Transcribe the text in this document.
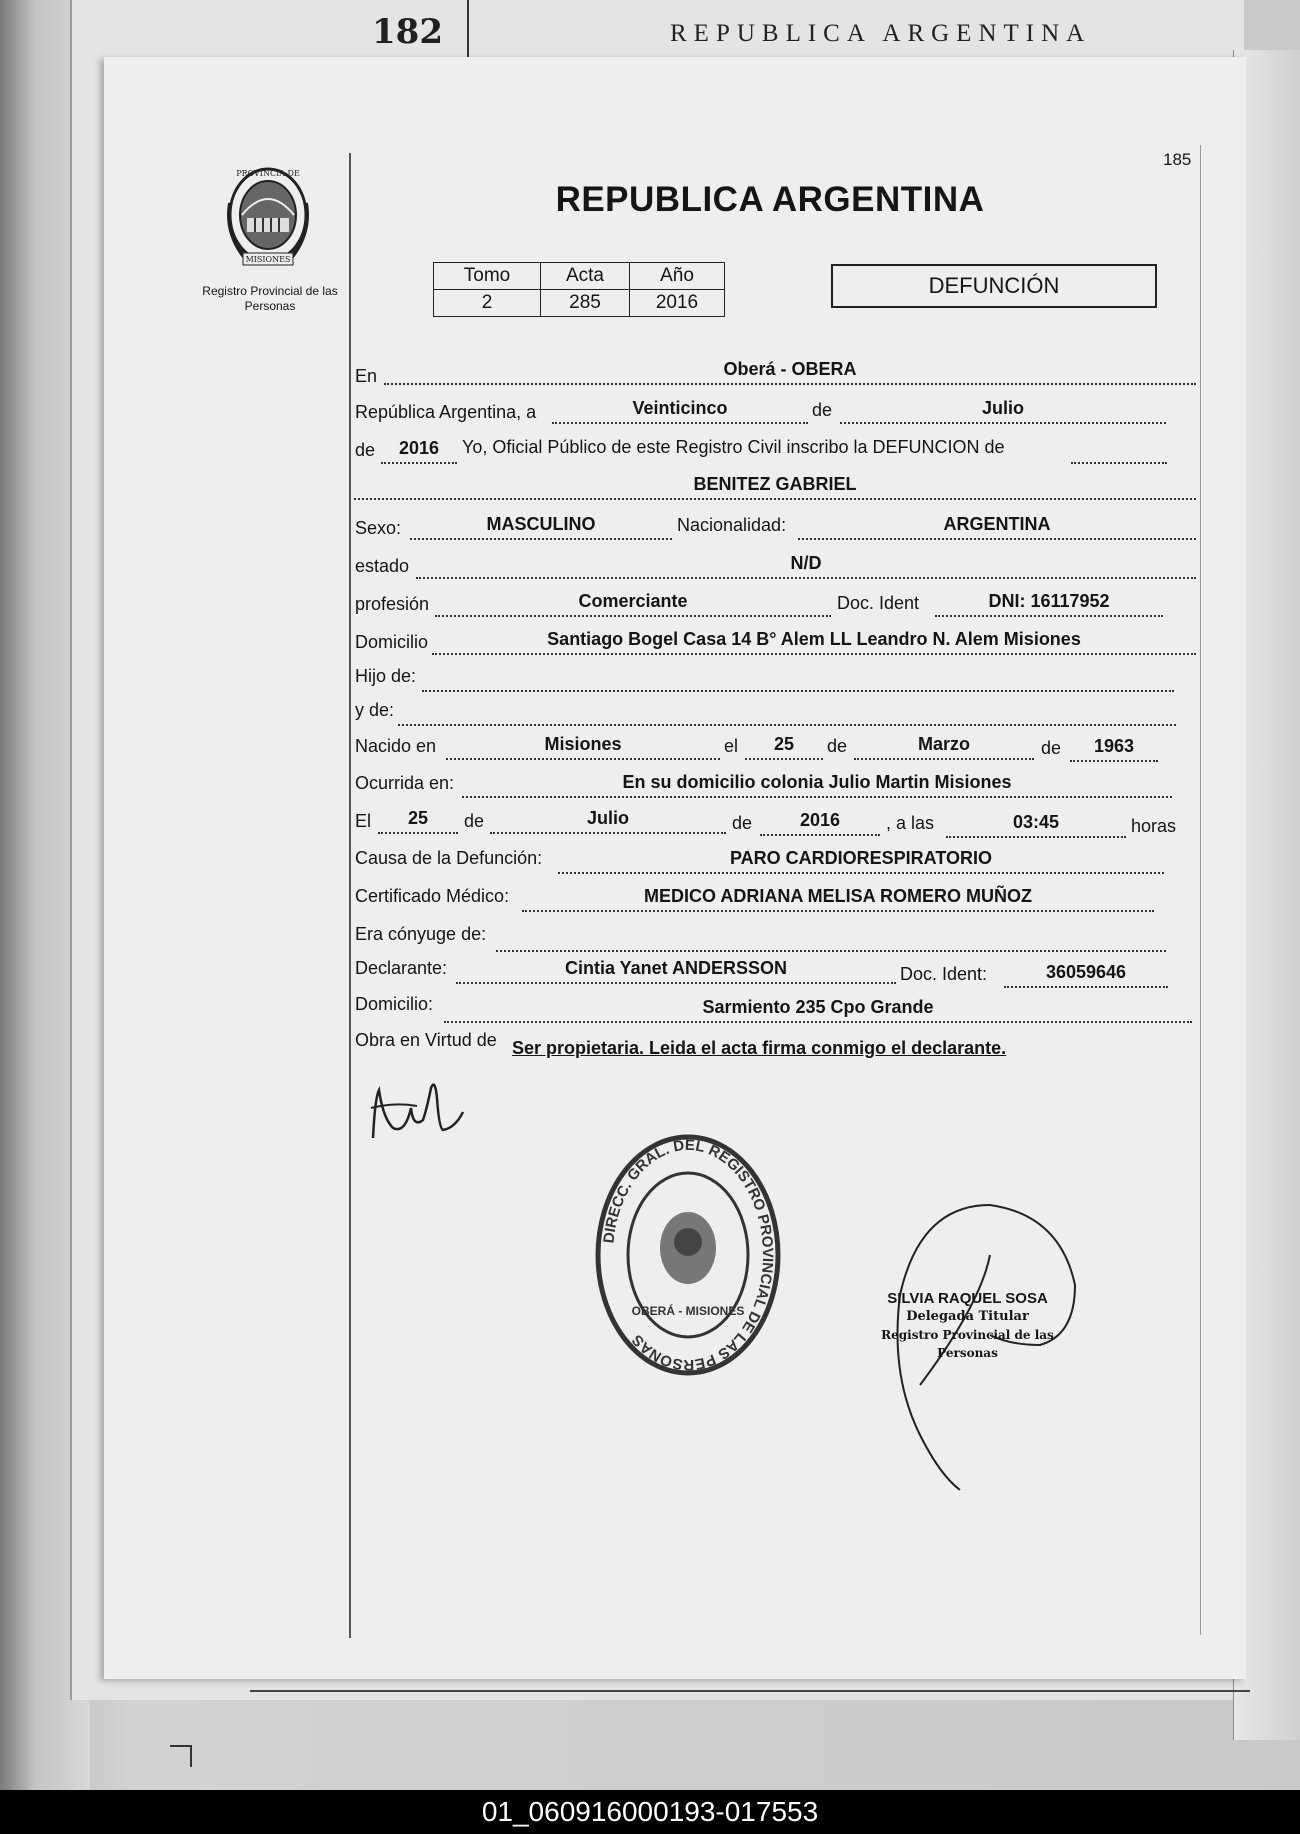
182	REPUBLICA ARGENTINA
PROVINCIA DE
MISIONES
Registro Provincial de las Personas
185
REPUBLICA ARGENTINA
Tomo	Acta	Año
2	285	2016
DEFUNCIÓN
En	Oberá - OBERA
República Argentina, a	Veinticinco	de	Julio
de	2016	Yo, Oficial Público de este Registro Civil inscribo la DEFUNCION de
BENITEZ GABRIEL
Sexo:	MASCULINO	Nacionalidad:	ARGENTINA
estado	N/D
profesión	Comerciante	Doc. Ident	DNI: 16117952
Domicilio	Santiago Bogel Casa 14 B° Alem LL Leandro N. Alem Misiones
Hijo de:
y de:
Nacido en	Misiones	el	25	de	Marzo	de	1963
Ocurrida en:	En su domicilio colonia Julio Martin Misiones
El	25	de	Julio	de	2016	, a las	03:45	horas
Causa de la Defunción:	PARO CARDIORESPIRATORIO
Certificado Médico:	MEDICO ADRIANA MELISA ROMERO MUÑOZ
Era cónyuge de:
Declarante:	Cintia Yanet ANDERSSON	Doc. Ident:	36059646
Domicilio:	Sarmiento 235 Cpo Grande
Obra en Virtud de Ser propietaria. Leida el acta firma conmigo el declarante.
DIRECC. GRAL. DEL REGISTRO PROVINCIAL DE LAS PERSONAS
OBERÁ - MISIONES
SILVIA RAQUEL SOSA
Delegada Titular
Registro Provincial de las Personas
01_060916000193-017553
